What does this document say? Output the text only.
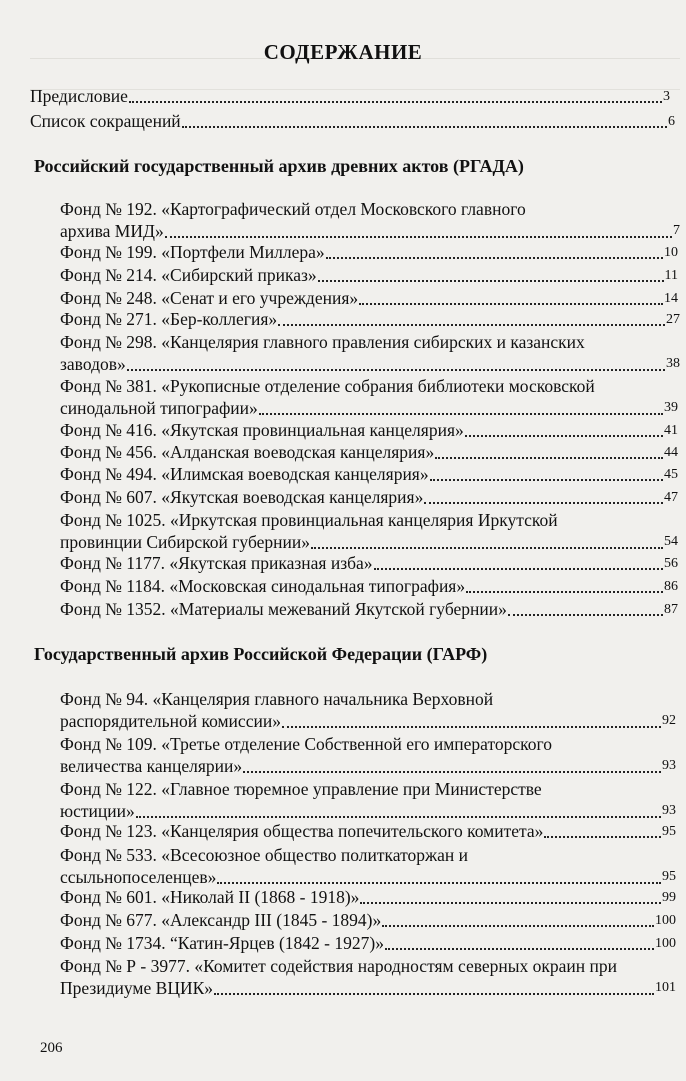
СОДЕРЖАНИЕ
Предисловие	3
Список сокращений	6
Российский государственный архив древних актов (РГАДА)
Фонд № 192. «Картографический отдел Московского главного
архива МИД»	7
Фонд № 199. «Портфели Миллера»	10
Фонд № 214. «Сибирский приказ»	11
Фонд № 248. «Сенат и его учреждения»	14
Фонд № 271. «Бер-коллегия»	27
Фонд № 298. «Канцелярия главного правления сибирских и казанских
заводов»	38
Фонд № 381. «Рукописные отделение собрания библиотеки московской
синодальной типографии»	39
Фонд № 416. «Якутская провинциальная канцелярия»	41
Фонд № 456. «Алданская воеводская канцелярия»	44
Фонд № 494. «Илимская воеводская канцелярия»	45
Фонд № 607. «Якутская воеводская канцелярия»	47
Фонд № 1025. «Иркутская провинциальная канцелярия Иркутской
провинции Сибирской губернии»	54
Фонд № 1177. «Якутская приказная изба»	56
Фонд № 1184. «Московская синодальная типография»	86
Фонд № 1352. «Материалы межеваний Якутской губернии»	87
Государственный архив Российской Федерации (ГАРФ)
Фонд № 94. «Канцелярия главного начальника Верховной
распорядительной комиссии»	92
Фонд № 109. «Третье отделение Собственной его императорского
величества канцелярии»	93
Фонд № 122. «Главное тюремное управление при Министерстве
юстиции»	93
Фонд № 123. «Канцелярия общества попечительского комитета»	95
Фонд № 533. «Всесоюзное общество политкаторжан и
ссыльнопоселенцев»	95
Фонд № 601. «Николай II (1868 - 1918)»	99
Фонд № 677. «Александр III (1845 - 1894)»	100
Фонд № 1734. “Катин-Ярцев (1842 - 1927)»	100
Фонд № Р - 3977. «Комитет содействия народностям северных окраин при
Президиуме ВЦИК»	101
206
